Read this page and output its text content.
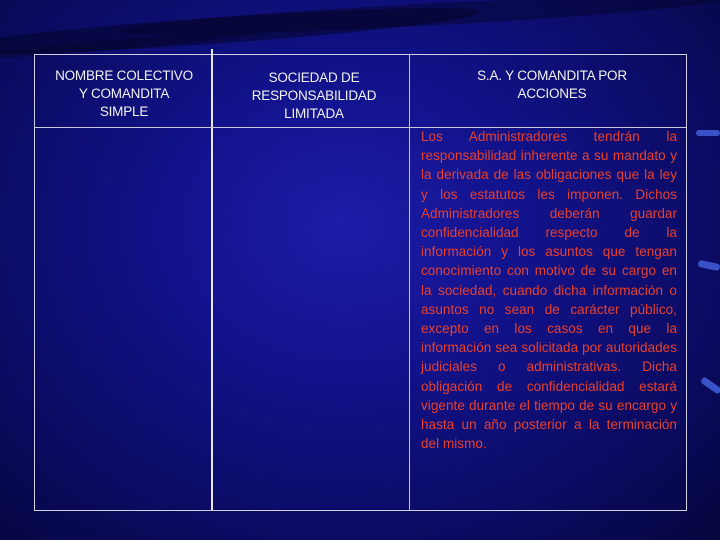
NOMBRE COLECTIVO
Y COMANDITA
SIMPLE
SOCIEDAD DE
RESPONSABILIDAD
LIMITADA
S.A. Y COMANDITA POR
ACCIONES
Los Administradores tendrán la responsabilidad inherente a su mandato y la derivada de las obligaciones que la ley y los estatutos les imponen. Dichos Administradores deberán guardar confidencialidad respecto de la información y los asuntos que tengan conocimiento con motivo de su cargo en la sociedad, cuando dicha información o asuntos no sean de carácter público, excepto en los casos en que la información sea solicitada por autoridades judiciales o administrativas. Dicha obligación de confidencialidad estará vigente durante el tiempo de su encargo y hasta un año posterior a la terminación del mismo.
